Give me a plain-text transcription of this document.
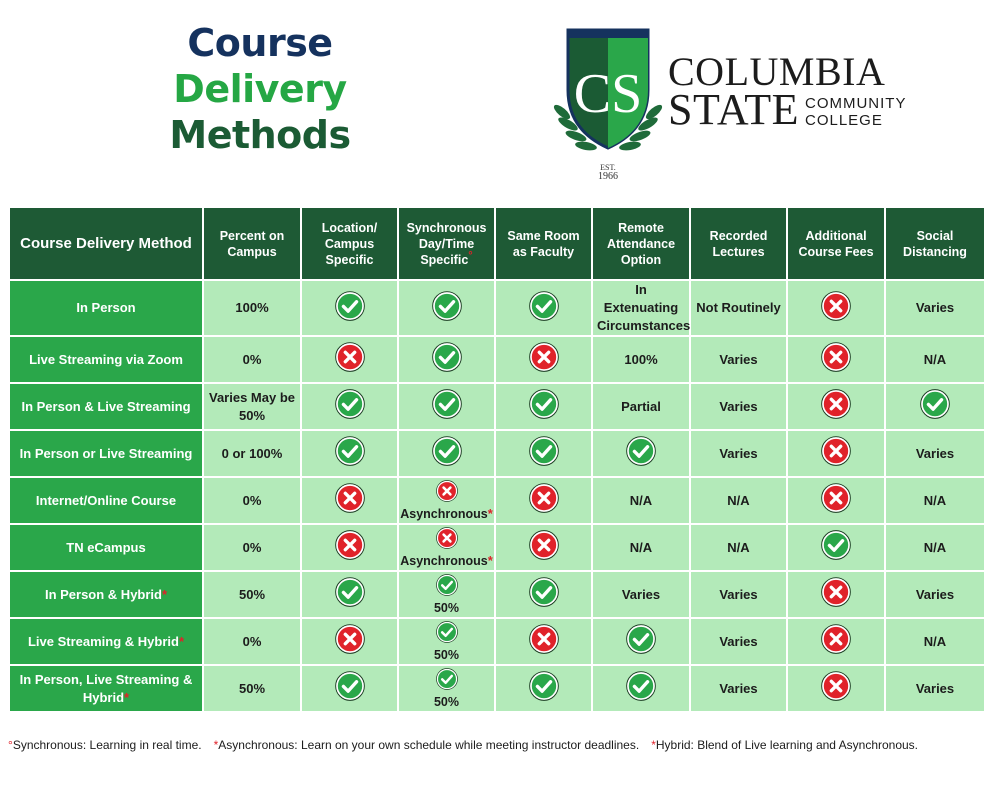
Course
Delivery
Methods
CS
EST.
1966
COLUMBIA
STATE COMMUNITY
COLLEGE
Course Delivery Method	Percent on Campus	Location/ Campus Specific	Synchronous Day/Time Specific°	Same Room as Faculty	Remote Attendance Option	Recorded Lectures	Additional Course Fees	Social Distancing
In Person	100%				In Extenuating Circumstances	Not Routinely		Varies
Live Streaming via Zoom	0%				100%	Varies		N/A
In Person & Live Streaming	Varies May be 50%				Partial	Varies		
In Person or Live Streaming	0 or 100%					Varies		Varies
Internet/Online Course	0%		Asynchronous*		N/A	N/A		N/A
TN eCampus	0%		Asynchronous*		N/A	N/A		N/A
In Person & Hybrid*	50%		50%		Varies	Varies		Varies
Live Streaming & Hybrid*	0%		50%			Varies		N/A
In Person, Live Streaming & Hybrid*	50%		50%			Varies		Varies
°Synchronous: Learning in real time. *Asynchronous: Learn on your own schedule while meeting instructor deadlines. *Hybrid: Blend of Live learning and Asynchronous.
